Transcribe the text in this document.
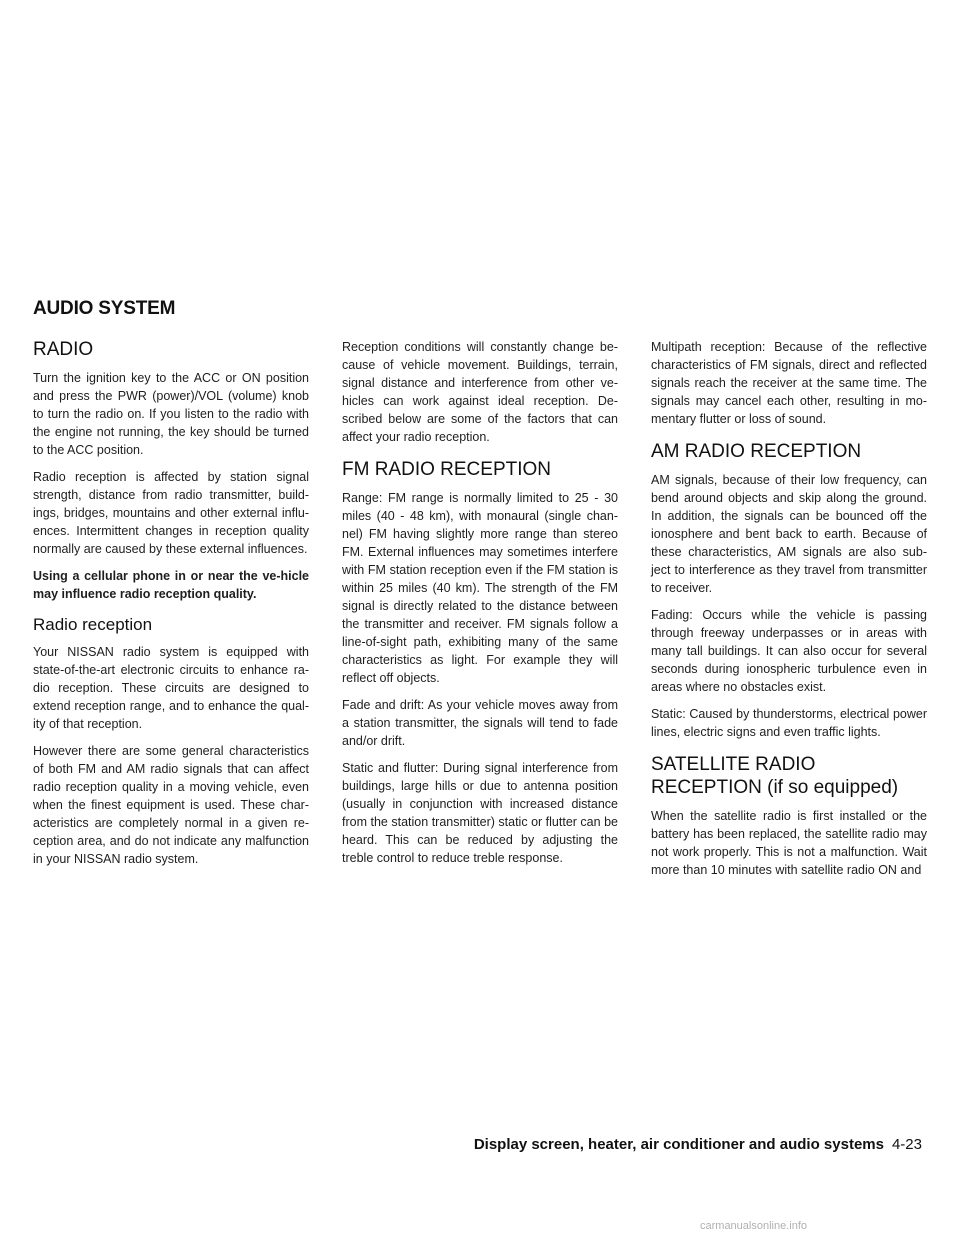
AUDIO SYSTEM
RADIO

Turn the ignition key to the ACC or ON position and press the PWR (power)/VOL (volume) knob to turn the radio on. If you listen to the radio with the engine not running, the key should be turned to the ACC position.

Radio reception is affected by station signal strength, distance from radio transmitter, build-ings, bridges, mountains and other external influ-ences. Intermittent changes in reception quality normally are caused by these external influences.

Using a cellular phone in or near the ve-hicle may influence radio reception quality.

Radio reception

Your NISSAN radio system is equipped with state-of-the-art electronic circuits to enhance ra-dio reception. These circuits are designed to extend reception range, and to enhance the qual-ity of that reception.

However there are some general characteristics of both FM and AM radio signals that can affect radio reception quality in a moving vehicle, even when the finest equipment is used. These char-acteristics are completely normal in a given re-ception area, and do not indicate any malfunction in your NISSAN radio system.

Reception conditions will constantly change be-cause of vehicle movement. Buildings, terrain, signal distance and interference from other ve-hicles can work against ideal reception. De-scribed below are some of the factors that can affect your radio reception.

FM RADIO RECEPTION

Range: FM range is normally limited to 25 - 30 miles (40 - 48 km), with monaural (single chan-nel) FM having slightly more range than stereo FM. External influences may sometimes interfere with FM station reception even if the FM station is within 25 miles (40 km). The strength of the FM signal is directly related to the distance between the transmitter and receiver. FM signals follow a line-of-sight path, exhibiting many of the same characteristics as light. For example they will reflect off objects.

Fade and drift: As your vehicle moves away from a station transmitter, the signals will tend to fade and/or drift.

Static and flutter: During signal interference from buildings, large hills or due to antenna position (usually in conjunction with increased distance from the station transmitter) static or flutter can be heard. This can be reduced by adjusting the treble control to reduce treble response.

Multipath reception: Because of the reflective characteristics of FM signals, direct and reflected signals reach the receiver at the same time. The signals may cancel each other, resulting in mo-mentary flutter or loss of sound.

AM RADIO RECEPTION

AM signals, because of their low frequency, can bend around objects and skip along the ground. In addition, the signals can be bounced off the ionosphere and bent back to earth. Because of these characteristics, AM signals are also sub-ject to interference as they travel from transmitter to receiver.

Fading: Occurs while the vehicle is passing through freeway underpasses or in areas with many tall buildings. It can also occur for several seconds during ionospheric turbulence even in areas where no obstacles exist.

Static: Caused by thunderstorms, electrical power lines, electric signs and even traffic lights.

SATELLITE RADIO RECEPTION (if so equipped)

When the satellite radio is first installed or the battery has been replaced, the satellite radio may not work properly. This is not a malfunction. Wait more than 10 minutes with satellite radio ON and

Display screen, heater, air conditioner and audio systems 4-23
carmanualsonline.info
